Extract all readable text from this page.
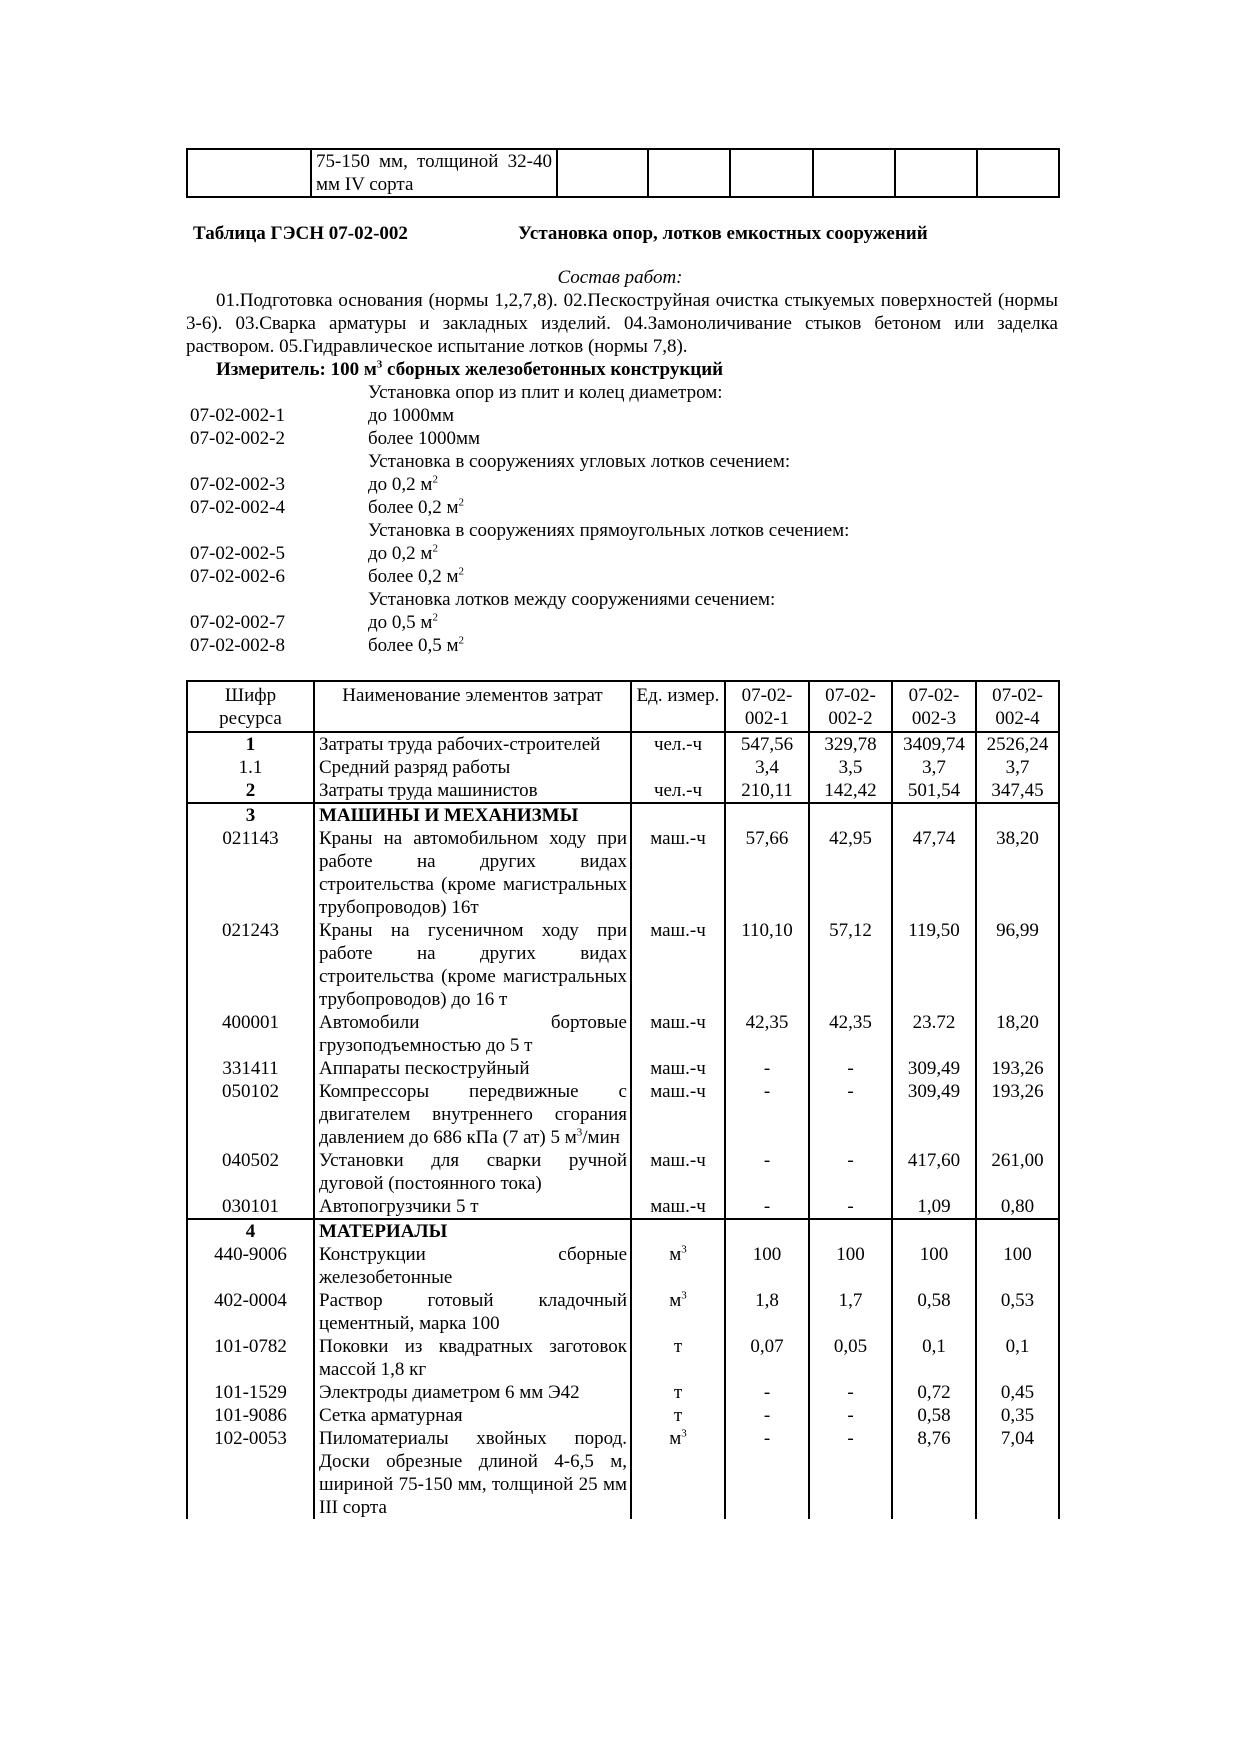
	75-150 мм, толщиной 32-40 мм IV сорта						
Таблица ГЭСН 07-02-002	Установка опор, лотков емкостных сооружений
Состав работ:
01.Подготовка основания (нормы 1,2,7,8). 02.Пескоструйная очистка стыкуемых поверхностей (нормы 3-6). 03.Сварка арматуры и закладных изделий. 04.Замоноличивание стыков бетоном или заделка раствором. 05.Гидравлическое испытание лотков (нормы 7,8).
Измеритель: 100 $м^3$ сборных железобетонных конструкций
Установка опор из плит и колец диаметром:
07-02-002-1	до 1000мм
07-02-002-2	более 1000мм
Установка в сооружениях угловых лотков сечением:
07-02-002-3	до 0,2 $м^2$
07-02-002-4	более 0,2 $м^2$
Установка в сооружениях прямоугольных лотков сечением:
07-02-002-5	до 0,2 $м^2$
07-02-002-6	более 0,2 $м^2$
Установка лотков между сооружениями сечением:
07-02-002-7	до 0,5 $м^2$
07-02-002-8	более 0,5 $м^2$
Шифр ресурса	Наименование элементов затрат	Ед. измер.	07-02-002-1	07-02-002-2	07-02-002-3	07-02-002-4
1	Затраты труда рабочих-строителей	чел.-ч	547,56	329,78	3409,74	2526,24
1.1	Средний разряд работы		3,4	3,5	3,7	3,7
2	Затраты труда машинистов	чел.-ч	210,11	142,42	501,54	347,45
3	МАШИНЫ И МЕХАНИЗМЫ					
021143	Краны на автомобильном ходу при работе на других видах строительства (кроме магистральных трубопроводов) 16т	маш.-ч	57,66	42,95	47,74	38,20
021243	Краны на гусеничном ходу при работе на других видах строительства (кроме магистральных трубопроводов) до 16 т	маш.-ч	110,10	57,12	119,50	96,99
400001	Автомобили бортовые грузоподъемностью до 5 т	маш.-ч	42,35	42,35	23.72	18,20
331411	Аппараты пескоструйный	маш.-ч	-	-	309,49	193,26
050102	Компрессоры передвижные с двигателем внутреннего сгорания давлением до 686 кПа (7 ат) 5 $м^3$/мин	маш.-ч	-	-	309,49	193,26
040502	Установки для сварки ручной дуговой (постоянного тока)	маш.-ч	-	-	417,60	261,00
030101	Автопогрузчики 5 т	маш.-ч	-	-	1,09	0,80
4	МАТЕРИАЛЫ					
440-9006	Конструкции сборные железобетонные	$м^3$	100	100	100	100
402-0004	Раствор готовый кладочный цементный, марка 100	$м^3$	1,8	1,7	0,58	0,53
101-0782	Поковки из квадратных заготовок массой 1,8 кг	т	0,07	0,05	0,1	0,1
101-1529	Электроды диаметром 6 мм Э42	т	-	-	0,72	0,45
101-9086	Сетка арматурная	т	-	-	0,58	0,35
102-0053	Пиломатериалы хвойных пород. Доски обрезные длиной 4-6,5 м, шириной 75-150 мм, толщиной 25 мм III сорта	$м^3$	-	-	8,76	7,04
